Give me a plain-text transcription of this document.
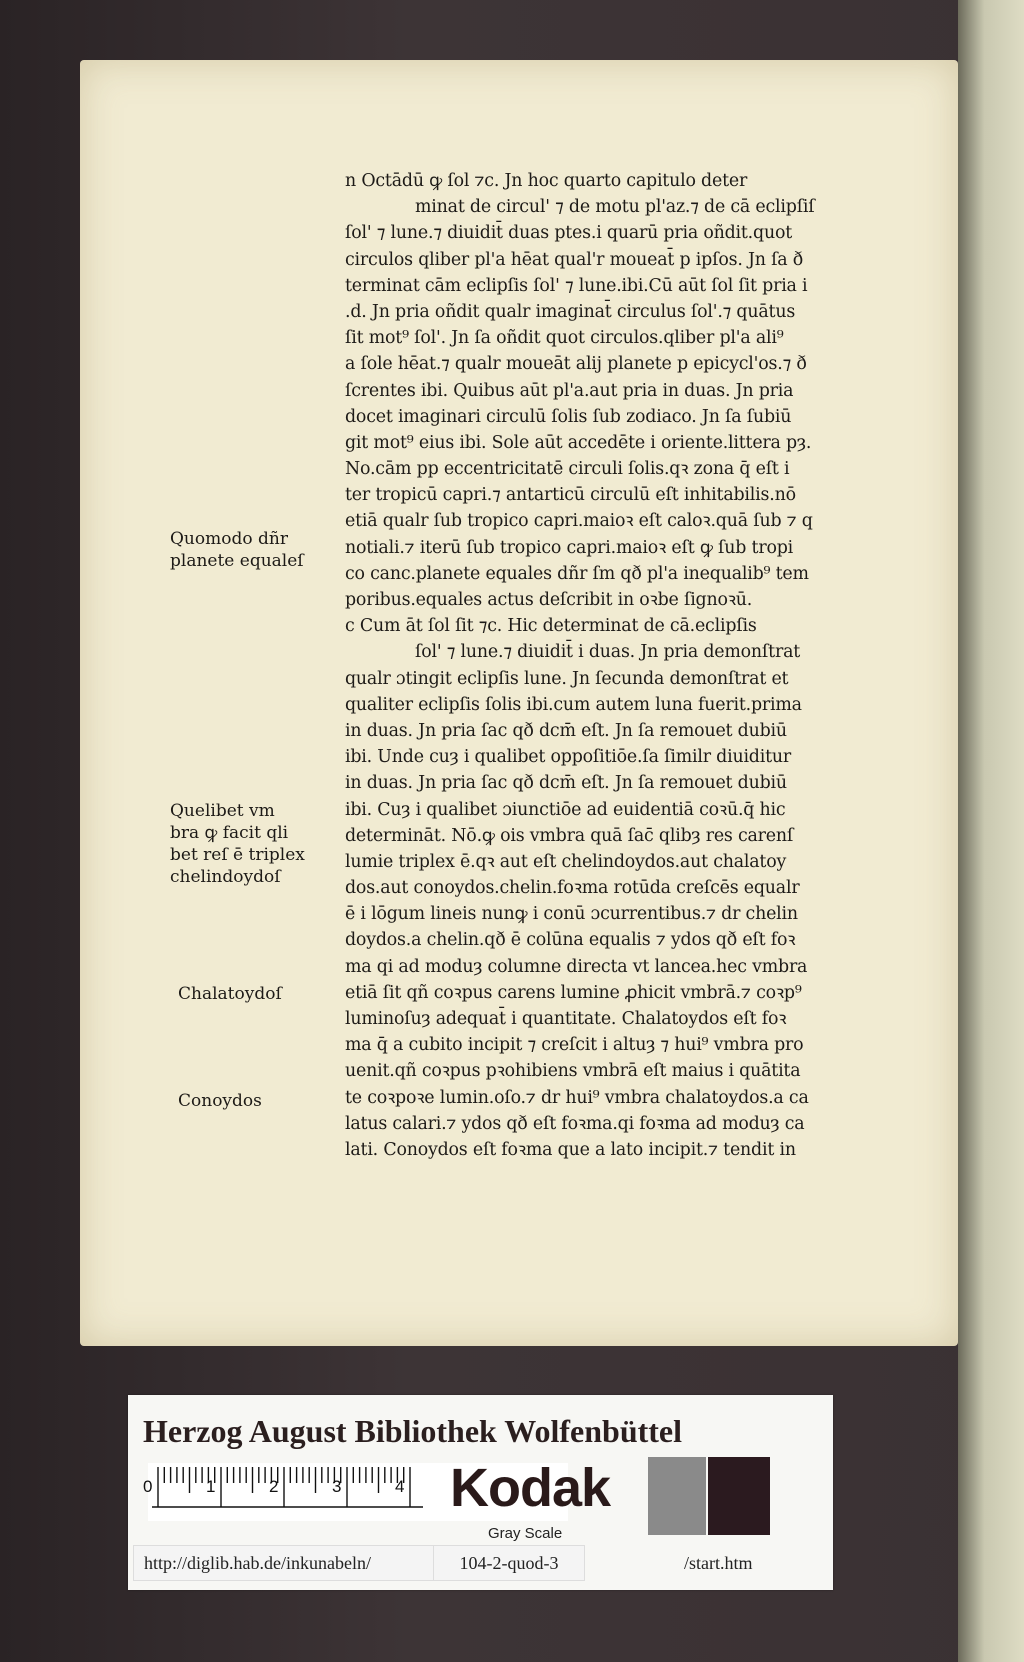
n Octādū ꝙ ſol ⁊c. Jn hoc quarto capitulo deter
minat de circul' ⁊ de motu pl'az.⁊ de cā eclipſiſ
ſol' ⁊ lune.⁊ diuidit̄ duas ptes.i quarū pria oñdit.quot
circulos qliber pl'a hēat qual'r moueat̄ p ipſos. Jn ſa ð
terminat cām eclipſis ſol' ⁊ lune.ibi.Cū aūt ſol ſit pria i
.d. Jn pria oñdit qualr imaginat̄ circulus ſol'.⁊ quātus
ſit mot⁹ ſol'. Jn ſa oñdit quot circulos.qliber pl'a ali⁹
a ſole hēat.⁊ qualr moueāt alij planete p epicycl'os.⁊ ð
ſcrentes ibi. Quibus aūt pl'a.aut pria in duas. Jn pria
docet imaginari circulū ſolis ſub zodiaco. Jn ſa ſubiū
git mot⁹ eius ibi. Sole aūt accedēte i oriente.littera pȝ.
No.cām pp eccentricitatē circuli ſolis.qꝛ zona q̄ eſt i
ter tropicū capri.⁊ antarticū circulū eſt inhitabilis.nō
etiā qualr ſub tropico capri.maioꝛ eſt caloꝛ.quā ſub ⁊ q
notiali.⁊ iterū ſub tropico capri.maioꝛ eſt ꝙ ſub tropi
co canc.planete equales dñr ſm qð pl'a inequalib⁹ tem
poribus.equales actus deſcribit in oꝛbe ſignoꝛū.
c Cum āt ſol ſit ⁊c. Hic determinat de cā.eclipſis
ſol' ⁊ lune.⁊ diuidit̄ i duas. Jn pria demonſtrat
qualr ɔtingit eclipſis lune. Jn ſecunda demonſtrat et
qualiter eclipſis ſolis ibi.cum autem luna fuerit.prima
in duas. Jn pria ſac qð dcm̄ eſt. Jn ſa remouet dubiū
ibi. Unde cuȝ i qualibet oppoſitiōe.ſa ſimilr diuiditur
in duas. Jn pria ſac qð dcm̄ eſt. Jn ſa remouet dubiū
ibi. Cuȝ i qualibet ɔiunctiōe ad euidentiā coꝛū.q̄ hic
determināt. Nō.ꝙ ois vmbra quā ſac̄ qlibȝ res carenſ
lumie triplex ē.qꝛ aut eſt chelindoydos.aut chalatoy
dos.aut conoydos.chelin.foꝛma rotūda creſcēs equalr
ē i lōgum lineis nunꝙ i conū ɔcurrentibus.⁊ dr chelin
doydos.a chelin.qð ē colūna equalis ⁊ ydos qð eſt foꝛ
ma qi ad moduȝ columne directa vt lancea.hec vmbra
etiā ſit qñ coꝛpus carens lumine ꝓhicit vmbrā.⁊ coꝛp⁹
luminoſuȝ adequat̄ i quantitate. Chalatoydos eſt foꝛ
ma q̄ a cubito incipit ⁊ creſcit i altuȝ ⁊ hui⁹ vmbra pro
uenit.qñ coꝛpus pꝛohibiens vmbrā eſt maius i quātita
te coꝛpoꝛe lumin.oſo.⁊ dr hui⁹ vmbra chalatoydos.a ca
latus calari.⁊ ydos qð eſt foꝛma.qi foꝛma ad moduȝ ca
lati. Conoydos eſt foꝛma que a lato incipit.⁊ tendit in
Quomodo dñr
planete equaleſ
Quelibet vm
bra ꝙ facit qli
bet reſ ē triplex
chelindoydoſ
Chalatoydoſ
Conoydos
Herzog August Bibliothek Wolfenbüttel
0	1	2	3	4 Kodak
Gray Scale
http://diglib.hab.de/inkunabeln/	104-2-quod-3	/start.htm
